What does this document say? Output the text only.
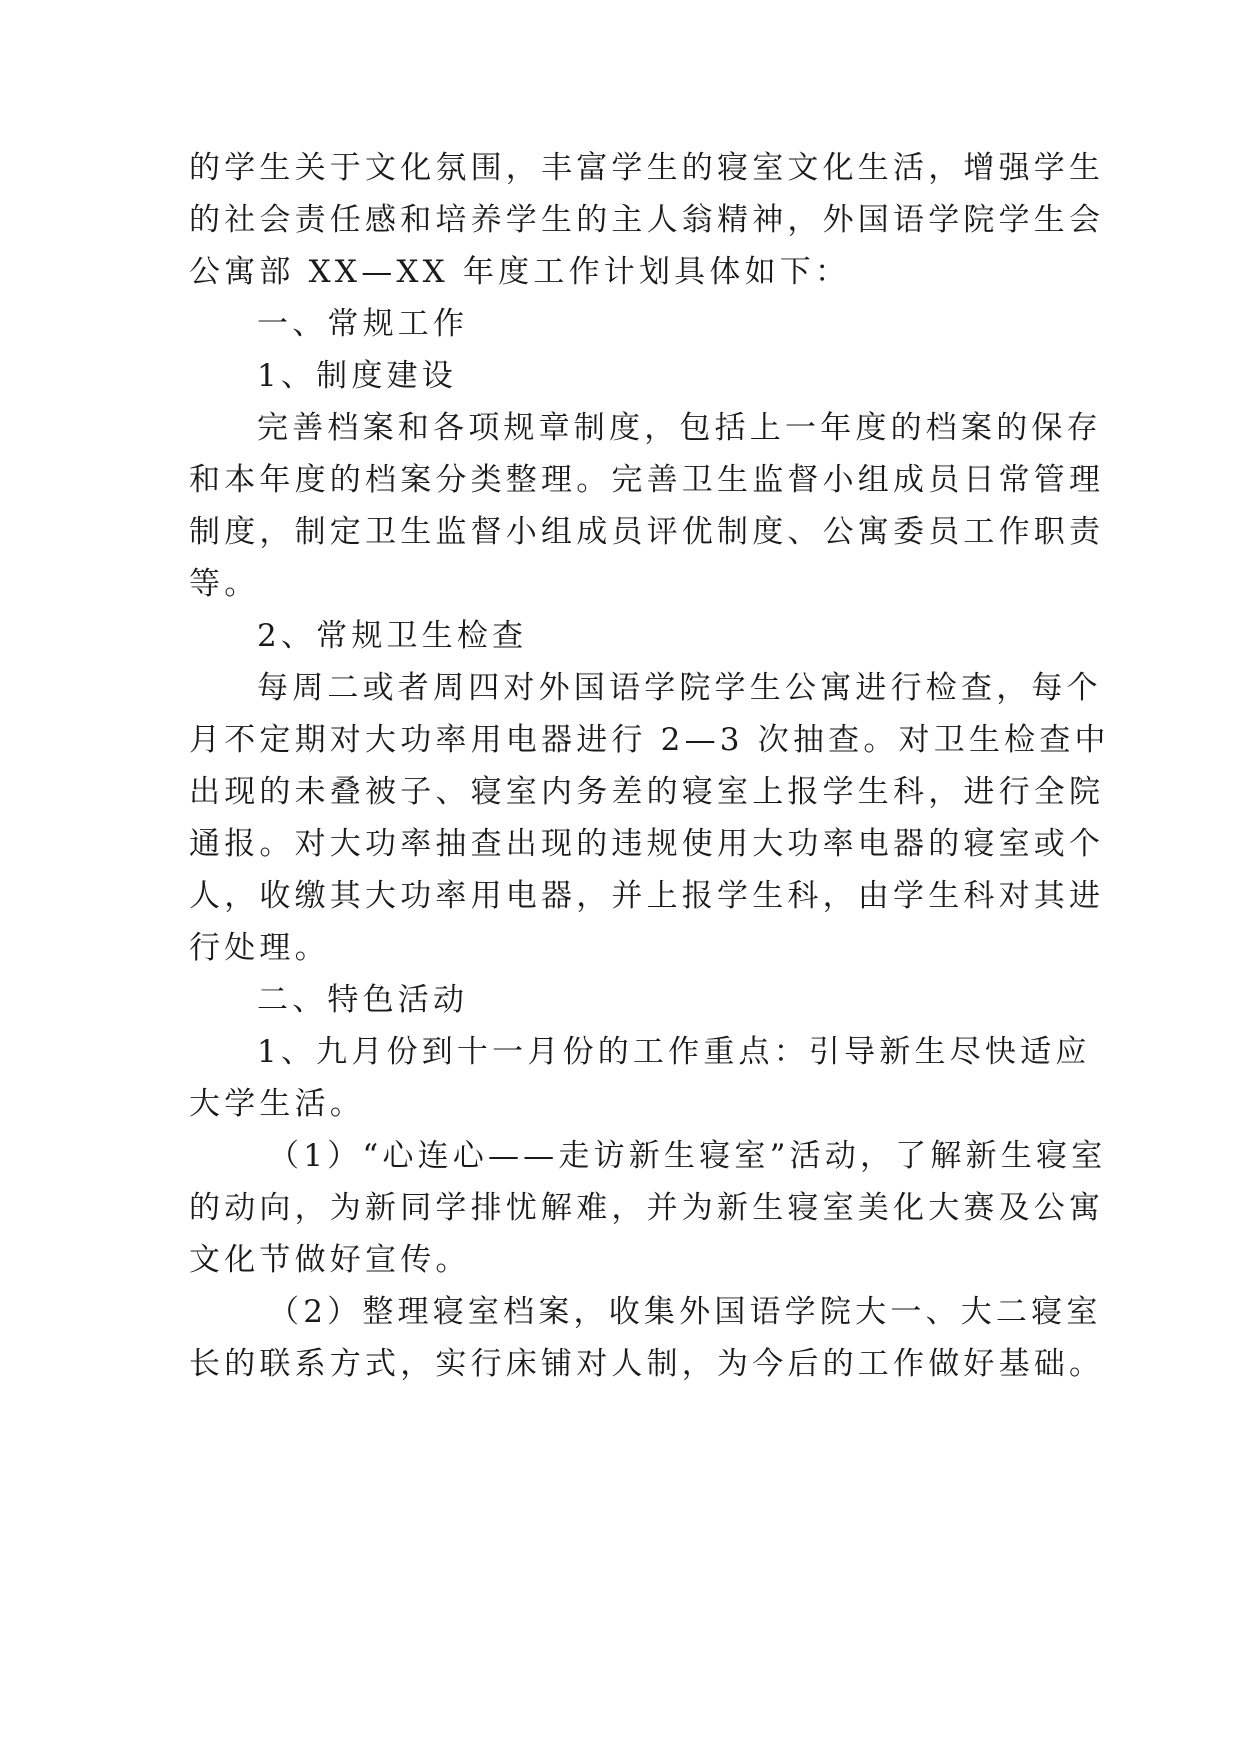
的学生关于文化氛围，丰富学生的寝室文化生活，增强学生
的社会责任感和培养学生的主人翁精神，外国语学院学生会
公寓部 XX—XX 年度工作计划具体如下：
一、常规工作
1、制度建设
完善档案和各项规章制度，包括上一年度的档案的保存
和本年度的档案分类整理。完善卫生监督小组成员日常管理
制度，制定卫生监督小组成员评优制度、公寓委员工作职责
等。
2、常规卫生检查
每周二或者周四对外国语学院学生公寓进行检查，每个
月不定期对大功率用电器进行 2—3 次抽查。对卫生检查中
出现的未叠被子、寝室内务差的寝室上报学生科，进行全院
通报。对大功率抽查出现的违规使用大功率电器的寝室或个
人，收缴其大功率用电器，并上报学生科，由学生科对其进
行处理。
二、特色活动
1、九月份到十一月份的工作重点：引导新生尽快适应
大学生活。
（1）“心连心——走访新生寝室”活动，了解新生寝室
的动向，为新同学排忧解难，并为新生寝室美化大赛及公寓
文化节做好宣传。
（2）整理寝室档案，收集外国语学院大一、大二寝室
长的联系方式，实行床铺对人制，为今后的工作做好基础。
